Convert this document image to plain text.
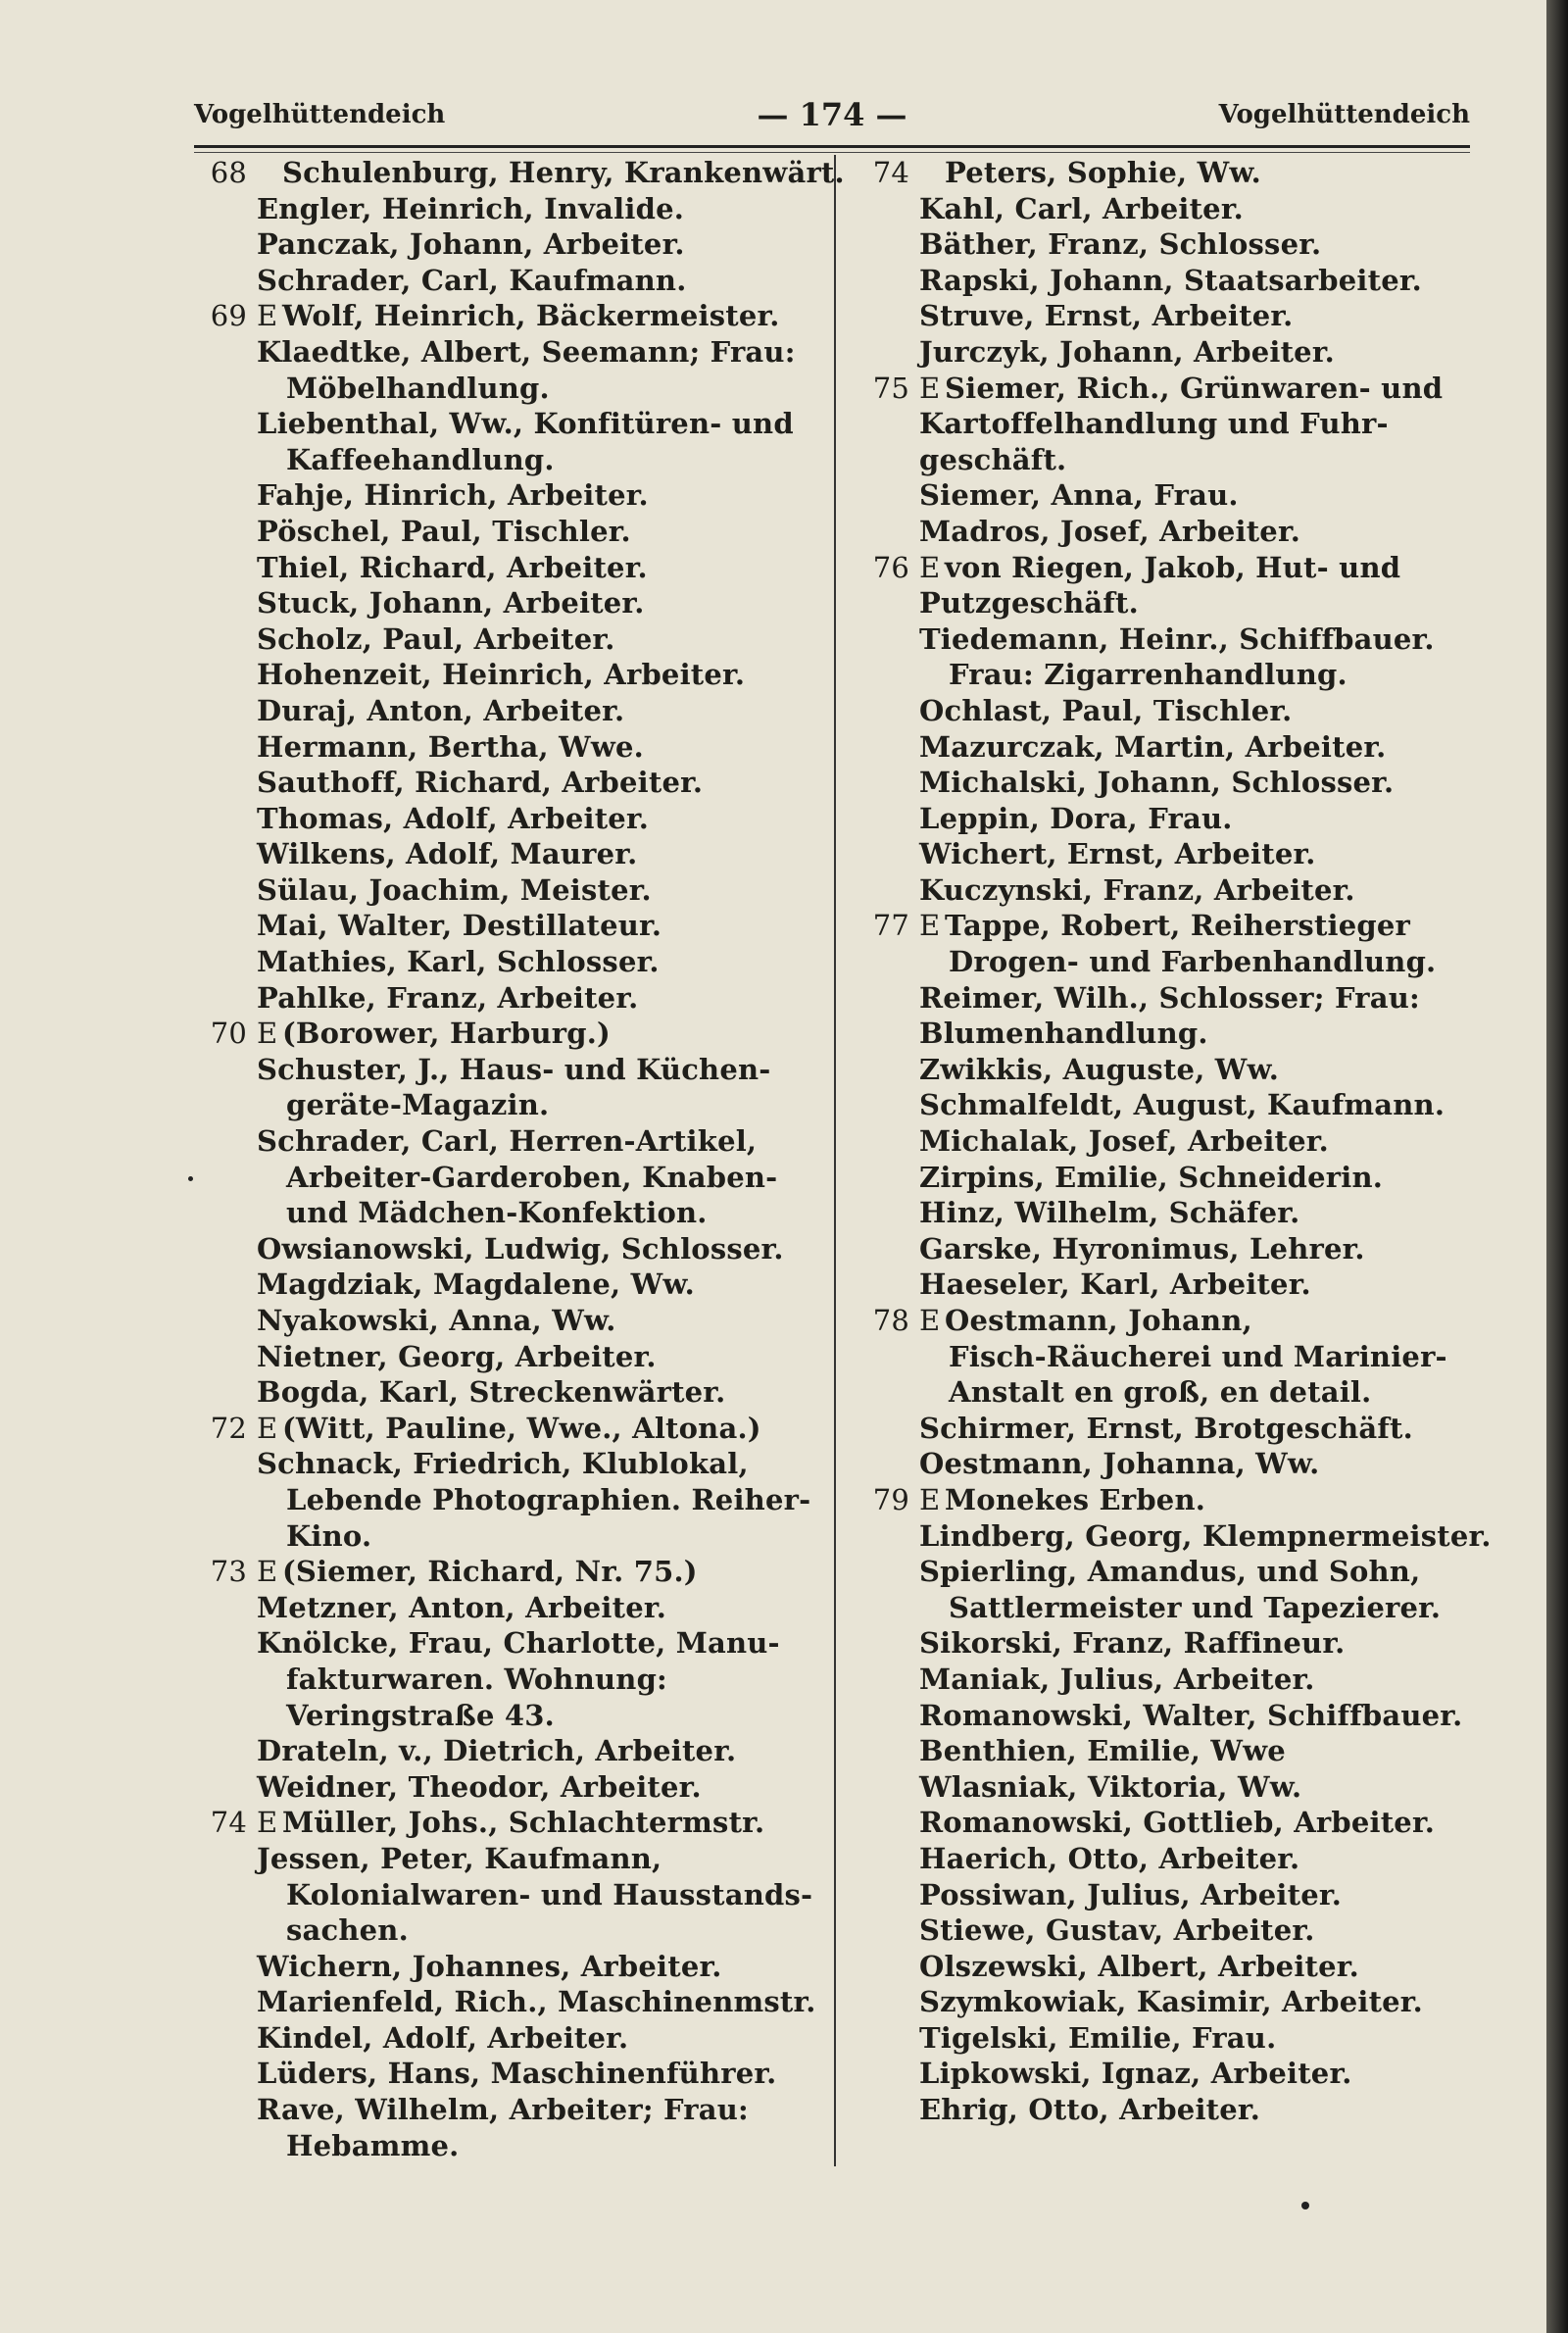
Vogelhüttendeich	— 174 —	Vogelhüttendeich
68 Schulenburg, Henry, Krankenwärt.
Engler, Heinrich, Invalide.
Panczak, Johann, Arbeiter.
Schrader, Carl, Kaufmann.
69 E Wolf, Heinrich, Bäckermeister.
Klaedtke, Albert, Seemann; Frau:
Möbelhandlung.
Liebenthal, Ww., Konfitüren- und
Kaffeehandlung.
Fahje, Hinrich, Arbeiter.
Pöschel, Paul, Tischler.
Thiel, Richard, Arbeiter.
Stuck, Johann, Arbeiter.
Scholz, Paul, Arbeiter.
Hohenzeit, Heinrich, Arbeiter.
Duraj, Anton, Arbeiter.
Hermann, Bertha, Wwe.
Sauthoff, Richard, Arbeiter.
Thomas, Adolf, Arbeiter.
Wilkens, Adolf, Maurer.
Sülau, Joachim, Meister.
Mai, Walter, Destillateur.
Mathies, Karl, Schlosser.
Pahlke, Franz, Arbeiter.
70 E (Borower, Harburg.)
Schuster, J., Haus- und Küchen-
geräte-Magazin.
Schrader, Carl, Herren-Artikel,
Arbeiter-Garderoben, Knaben-
und Mädchen-Konfektion.
Owsianowski, Ludwig, Schlosser.
Magdziak, Magdalene, Ww.
Nyakowski, Anna, Ww.
Nietner, Georg, Arbeiter.
Bogda, Karl, Streckenwärter.
72 E (Witt, Pauline, Wwe., Altona.)
Schnack, Friedrich, Klublokal,
Lebende Photographien. Reiher-
Kino.
73 E (Siemer, Richard, Nr. 75.)
Metzner, Anton, Arbeiter.
Knölcke, Frau, Charlotte, Manu-
fakturwaren. Wohnung:
Veringstraße 43.
Drateln, v., Dietrich, Arbeiter.
Weidner, Theodor, Arbeiter.
74 E Müller, Johs., Schlachtermstr.
Jessen, Peter, Kaufmann,
Kolonialwaren- und Hausstands-
sachen.
Wichern, Johannes, Arbeiter.
Marienfeld, Rich., Maschinenmstr.
Kindel, Adolf, Arbeiter.
Lüders, Hans, Maschinenführer.
Rave, Wilhelm, Arbeiter; Frau:
Hebamme.
74 Peters, Sophie, Ww.
Kahl, Carl, Arbeiter.
Bäther, Franz, Schlosser.
Rapski, Johann, Staatsarbeiter.
Struve, Ernst, Arbeiter.
Jurczyk, Johann, Arbeiter.
75 E Siemer, Rich., Grünwaren- und
Kartoffelhandlung und Fuhr-
geschäft.
Siemer, Anna, Frau.
Madros, Josef, Arbeiter.
76 E von Riegen, Jakob, Hut- und
Putzgeschäft.
Tiedemann, Heinr., Schiffbauer.
Frau: Zigarrenhandlung.
Ochlast, Paul, Tischler.
Mazurczak, Martin, Arbeiter.
Michalski, Johann, Schlosser.
Leppin, Dora, Frau.
Wichert, Ernst, Arbeiter.
Kuczynski, Franz, Arbeiter.
77 E Tappe, Robert, Reiherstieger
Drogen- und Farbenhandlung.
Reimer, Wilh., Schlosser; Frau:
Blumenhandlung.
Zwikkis, Auguste, Ww.
Schmalfeldt, August, Kaufmann.
Michalak, Josef, Arbeiter.
Zirpins, Emilie, Schneiderin.
Hinz, Wilhelm, Schäfer.
Garske, Hyronimus, Lehrer.
Haeseler, Karl, Arbeiter.
78 E Oestmann, Johann,
Fisch-Räucherei und Marinier-
Anstalt en groß, en detail.
Schirmer, Ernst, Brotgeschäft.
Oestmann, Johanna, Ww.
79 E Monekes Erben.
Lindberg, Georg, Klempnermeister.
Spierling, Amandus, und Sohn,
Sattlermeister und Tapezierer.
Sikorski, Franz, Raffineur.
Maniak, Julius, Arbeiter.
Romanowski, Walter, Schiffbauer.
Benthien, Emilie, Wwe
Wlasniak, Viktoria, Ww.
Romanowski, Gottlieb, Arbeiter.
Haerich, Otto, Arbeiter.
Possiwan, Julius, Arbeiter.
Stiewe, Gustav, Arbeiter.
Olszewski, Albert, Arbeiter.
Szymkowiak, Kasimir, Arbeiter.
Tigelski, Emilie, Frau.
Lipkowski, Ignaz, Arbeiter.
Ehrig, Otto, Arbeiter.
